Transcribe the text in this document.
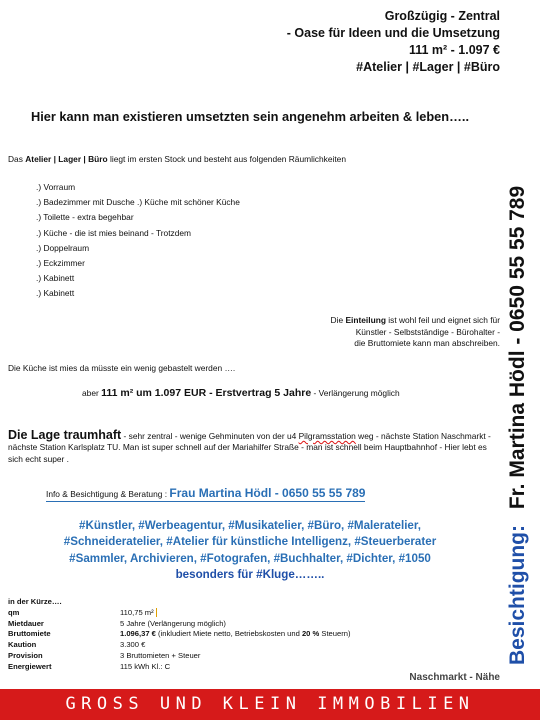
Großzügig - Zentral
- Oase für Ideen und die Umsetzung
111 m² - 1.097 €
#Atelier | #Lager | #Büro
Besichtigung: Fr. Martina Hödl - 0650 55 55 789
Hier kann man existieren umsetzten sein angenehm arbeiten & leben…..
Das Atelier | Lager | Büro liegt im ersten Stock und besteht aus folgenden Räumlichkeiten
.) Vorraum
.) Badezimmer mit Dusche .) Küche mit schöner Küche
.) Toilette - extra begehbar
.) Küche - die ist mies beinand - Trotzdem
.) Doppelraum
.) Eckzimmer
.) Kabinett
.) Kabinett
Die Einteilung ist wohl feil und eignet sich für
Künstler - Selbstständige - Bürohalter -
die Bruttomiete kann man abschreiben.
Die Küche ist mies da müsste ein wenig gebastelt werden ….
aber 111 m² um 1.097 EUR - Erstvertrag 5 Jahre - Verlängerung möglich
Die Lage traumhaft - sehr zentral - wenige Gehminuten von der u4 Pilgramsstation weg - nächste Station Naschmarkt - nächste Station Karlsplatz TU. Man ist super schnell auf der Mariahilfer Straße - man ist schnell beim Hauptbahnhof - Hier lebt es sich echt super .
Info & Besichtigung & Beratung : Frau Martina Hödl - 0650 55 55 789
#Künstler, #Werbeagentur, #Musikatelier, #Büro, #Maleratelier,
#Schneideratelier, #Atelier für künstliche Intelligenz, #Steuerberater
#Sammler, Archivieren, #Fotografen, #Buchhalter, #Dichter, #1050
besonders für #Kluge……..
in der Kürze….
qm	110,75 m²
Mietdauer	5 Jahre (Verlängerung möglich)
Bruttomiete	1.096,37 € (inkludiert Miete netto, Betriebskosten und 20 % Steuern)
Kaution	3.300 €
Provision	3 Bruttomieten + Steuer
Energiewert	115 kWh Kl.: C
Naschmarkt - Nähe
GROSS UND KLEIN IMMOBILIEN
